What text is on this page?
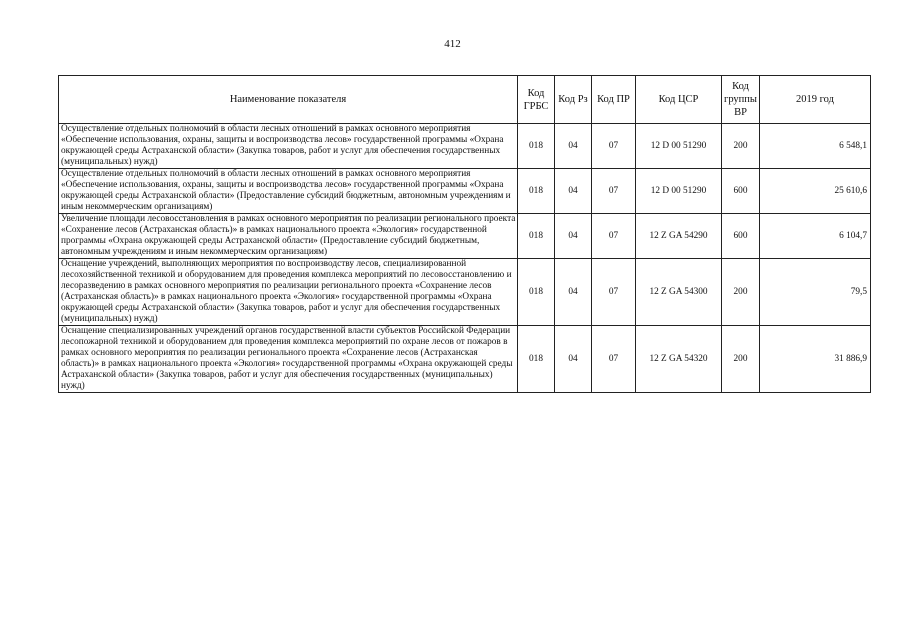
412
Наименование показателя	Код ГРБС	Код Рз	Код ПР	Код ЦСР	Код группы ВР	2019 год
Осуществление отдельных полномочий в области лесных отношений в рамках основного мероприятия «Обеспечение использования, охраны, защиты и воспроизводства лесов» государственной программы «Охрана окружающей среды Астраханской области» (Закупка товаров, работ и услуг для обеспечения государственных (муниципальных) нужд)	018	04	07	12 D 00 51290	200	6 548,1
Осуществление отдельных полномочий в области лесных отношений в рамках основного мероприятия «Обеспечение использования, охраны, защиты и воспроизводства лесов» государственной программы «Охрана окружающей среды Астраханской области» (Предоставление субсидий бюджетным, автономным учреждениям и иным некоммерческим организациям)	018	04	07	12 D 00 51290	600	25 610,6
Увеличение площади лесовосстановления в рамках основного мероприятия по реализации регионального проекта «Сохранение лесов (Астраханская область)» в рамках национального проекта «Экология» государственной программы «Охрана окружающей среды Астраханской области» (Предоставление субсидий бюджетным, автономным учреждениям и иным некоммерческим организациям)	018	04	07	12 Z GA 54290	600	6 104,7
Оснащение учреждений, выполняющих мероприятия по воспроизводству лесов, специализированной лесохозяйственной техникой и оборудованием для проведения комплекса мероприятий по лесовосстановлению и лесоразведению в рамках основного мероприятия по реализации регионального проекта «Сохранение лесов (Астраханская область)» в рамках национального проекта «Экология» государственной программы «Охрана окружающей среды Астраханской области» (Закупка товаров, работ и услуг для обеспечения государственных (муниципальных) нужд)	018	04	07	12 Z GA 54300	200	79,5
Оснащение специализированных учреждений органов государственной власти субъектов Российской Федерации лесопожарной техникой и оборудованием для проведения комплекса мероприятий по охране лесов от пожаров в рамках основного мероприятия по реализации регионального проекта «Сохранение лесов (Астраханская область)» в рамках национального проекта «Экология» государственной программы «Охрана окружающей среды Астраханской области» (Закупка товаров, работ и услуг для обеспечения государственных (муниципальных) нужд)	018	04	07	12 Z GA 54320	200	31 886,9
